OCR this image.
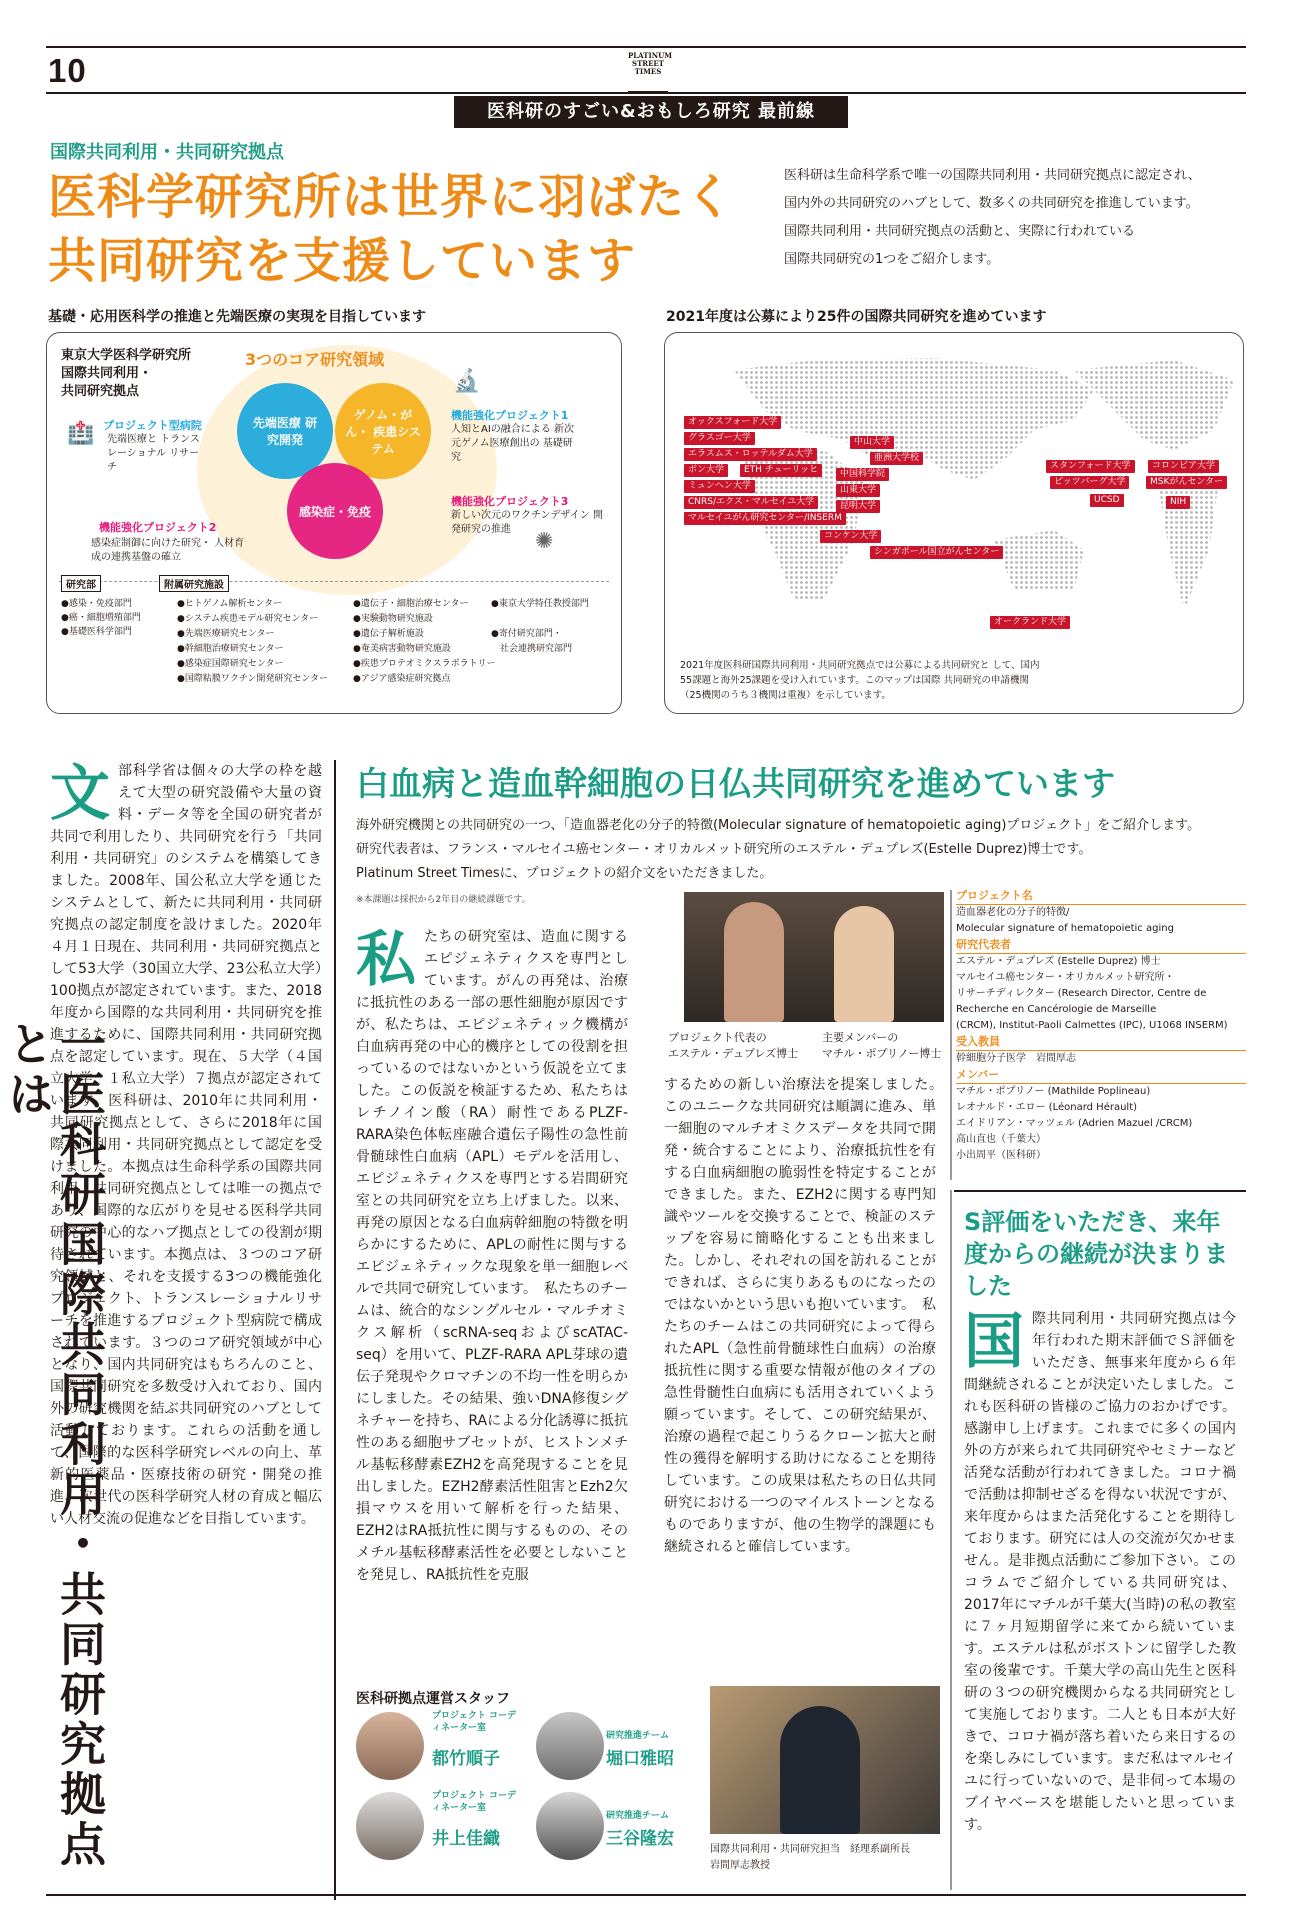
10	PLATINUM STREET TIMES
医科研のすごい&おもしろ研究 最前線
国際共同利用・共同研究拠点
医科学研究所は世界に羽ばたく
共同研究を支援しています
医科研は生命科学系で唯一の国際共同利用・共同研究拠点に認定され、
国内外の共同研究のハブとして、数多くの共同研究を推進しています。
国際共同利用・共同研究拠点の活動と、実際に行われている
国際共同研究の1つをご紹介します。
基礎・応用医科学の推進と先端医療の実現を目指しています
東京大学医科学研究所
国際共同利用・
共同研究拠点
3つのコア研究領域
先端医療 研究開発
ゲノム・がん・ 疾患システム
感染症・免疫
🏥 プロジェクト型病院
先端医療と トランスレーショナル リサーチ
🔬
機能強化プロジェクト1
人知とAIの融合による 新次元ゲノム医療創出の 基礎研究
機能強化プロジェクト2
感染症制御に向けた研究・ 人材育成の連携基盤の確立
機能強化プロジェクト3
新しい次元のワクチンデザイン 開発研究の推進	✺
研究部	附属研究施設
●感染・免疫部門
●癌・細胞増殖部門
●基礎医科学部門
●ヒトゲノム解析センター
●システム疾患モデル研究センター
●先端医療研究センター
●幹細胞治療研究センター
●感染症国際研究センター
●国際粘膜ワクチン開発研究センター
●遺伝子・細胞治療センター
●実験動物研究施設
●遺伝子解析施設
●奄美病害動物研究施設
●疾患プロテオミクスラボラトリー
●アジア感染症研究拠点
●東京大学特任教授部門

●寄付研究部門・
　社会連携研究部門
2021年度は公募により25件の国際共同研究を進めています
オックスフォード大学
グラスゴー大学
エラスムス・ロッテルダム大学
ボン大学	ETH チューリッヒ
ミュンヘン大学
CNRS/エクス・マルセイユ大学
マルセイユがん研究センター/INSERM
中山大学
亜洲大学校
中国科学院
山東大学
昆明大学
コンケン大学
シンガポール国立がんセンター
オークランド大学
スタンフォード大学	コロンビア大学
ピッツバーグ大学	MSKがんセンター
UCSD	NIH
2021年度医科研国際共同利用・共同研究拠点では公募による共同研究と して、国内55課題と海外25課題を受け入れています。このマップは国際 共同研究の申請機関（25機関のうち３機関は重複）を示しています。
文 部科学省は個々の大学の枠を越えて大型の研究設備や大量の資料・データ等を全国の研究者が共同で利用したり、共同研究を行う「共同利用・共同研究」のシステムを構築してきました。2008年、国公私立大学を通じたシステムとして、新たに共同利用・共同研究拠点の認定制度を設けました。2020年４月１日現在、共同利用・共同研究拠点として53大学（30国立大学、23公私立大学）100拠点が認定されています。また、2018年度から国際的な共同利用・共同研究を推進するために、国際共同利用・共同研究拠点を認定しています。現在、５大学（４国立大学、１私立大学）７拠点が認定されています。医科研は、2010年に共同利用・共同研究拠点として、さらに2018年に国際共同利用・共同研究拠点として認定を受けました。本拠点は生命科学系の国際共同利用・共同研究拠点としては唯一の拠点であり、国際的な広がりを見せる医科学共同研究の中心的なハブ拠点としての役割が期待されています。本拠点は、３つのコア研究領域と、それを支援する3つの機能強化プロジェクト、トランスレーショナルリサーチを推進するプロジェクト型病院で構成されています。３つのコア研究領域が中心となり、国内共同研究はもちろんのこと、国際共同研究を多数受け入れており、国内外の研究機関を結ぶ共同研究のハブとして活動しております。これらの活動を通して、国際的な医科学研究レベルの向上、革新的医薬品・医療技術の研究・開発の推進、次世代の医科学研究人材の育成と幅広い人材交流の促進などを目指しています。
一医科研国際共同利用・共同研究拠点とは
白血病と造血幹細胞の日仏共同研究を進めています
海外研究機関との共同研究の一つ、「造血器老化の分子的特徴(Molecular signature of hematopoietic aging)プロジェクト」をご紹介します。
研究代表者は、フランス・マルセイユ癌センター・オリカルメット研究所のエステル・デュプレズ(Estelle Duprez)博士です。
Platinum Street Timesに、プロジェクトの紹介文をいただきました。
※本課題は採択から2年目の継続課題です。
私 たちの研究室は、造血に関するエピジェネティクスを専門としています。がんの再発は、治療に抵抗性のある一部の悪性細胞が原因ですが、私たちは、エピジェネティック機構が白血病再発の中心的機序としての役割を担っているのではないかという仮説を立てました。この仮説を検証するため、私たちはレチノイン酸（RA）耐性であるPLZF-RARA染色体転座融合遺伝子陽性の急性前骨髄球性白血病（APL）モデルを活用し、エピジェネティクスを専門とする岩間研究室との共同研究を立ち上げました。以来、再発の原因となる白血病幹細胞の特徴を明らかにするために、APLの耐性に関与するエピジェネティックな現象を単一細胞レベルで共同で研究しています。　私たちのチームは、統合的なシングルセル・マルチオミクス解析（scRNA-seqおよびscATAC-seq）を用いて、PLZF-RARA APL芽球の遺伝子発現やクロマチンの不均一性を明らかにしました。その結果、強いDNA修復シグネチャーを持ち、RAによる分化誘導に抵抗性のある細胞サブセットが、ヒストンメチル基転移酵素EZH2を高発現することを見出しました。EZH2酵素活性阻害とEzh2欠損マウスを用いて解析を行った結果、EZH2はRA抵抗性に関与するものの、そのメチル基転移酵素活性を必要としないことを発見し、RA抵抗性を克服
プロジェクト代表の
エステル・デュプレズ博士
主要メンバーの
マチル・ポプリノー博士
するための新しい治療法を提案しました。　このユニークな共同研究は順調に進み、単一細胞のマルチオミクスデータを共同で開発・統合することにより、治療抵抗性を有する白血病細胞の脆弱性を特定することができました。また、EZH2に関する専門知識やツールを交換することで、検証のステップを容易に簡略化することも出来ました。しかし、それぞれの国を訪れることができれば、さらに実りあるものになったのではないかという思いも抱いています。　私たちのチームはこの共同研究によって得られたAPL（急性前骨髄球性白血病）の治療抵抗性に関する重要な情報が他のタイプの急性骨髄性白血病にも活用されていくよう願っています。そして、この研究結果が、治療の過程で起こりうるクローン拡大と耐性の獲得を解明する助けになることを期待しています。この成果は私たちの日仏共同研究における一つのマイルストーンとなるものでありますが、他の生物学的課題にも継続されると確信しています。
プロジェクト名
造血器老化の分子的特徴/
Molecular signature of hematopoietic aging
研究代表者
エステル・デュプレズ (Estelle Duprez) 博士
マルセイユ癌センター・オリカルメット研究所・
リサーチディレクター (Research Director, Centre de
Recherche en Cancérologie de Marseille
(CRCM), Institut-Paoli Calmettes (IPC), U1068 INSERM)
受入教員
幹細胞分子医学　岩間厚志
メンバー
マチル・ポプリノー (Mathilde Poplineau)
レオナルド・エロー (Léonard Hérault)
エイドリアン・マッツェル (Adrien Mazuel /CRCM)
高山直也（千葉大）
小出周平（医科研）
S評価をいただき、来年度からの継続が決まりました
国 際共同利用・共同研究拠点は今年行われた期末評価でＳ評価をいただき、無事来年度から６年間継続されることが決定いたしました。これも医科研の皆様のご協力のおかげです。感謝申し上げます。これまでに多くの国内外の方が来られて共同研究やセミナーなど活発な活動が行われてきました。コロナ禍で活動は抑制せざるを得ない状況ですが、来年度からはまた活発化することを期待しております。研究には人の交流が欠かせません。是非拠点活動にご参加下さい。このコラムでご紹介している共同研究は、2017年にマチルが千葉大(当時)の私の教室に７ヶ月短期留学に来てから続いています。エステルは私がボストンに留学した教室の後輩です。千葉大学の高山先生と医科研の３つの研究機関からなる共同研究として実施しております。二人とも日本が大好きで、コロナ禍が落ち着いたら来日するのを楽しみにしています。まだ私はマルセイユに行っていないので、是非伺って本場のブイヤベースを堪能したいと思っています。
医科研拠点運営スタッフ
プロジェクト コーディネーター室
都竹順子
研究推進チーム
堀口雅昭
プロジェクト コーディネーター室
井上佳織
研究推進チーム
三谷隆宏
国際共同利用・共同研究担当　経理系副所長
岩間厚志教授
